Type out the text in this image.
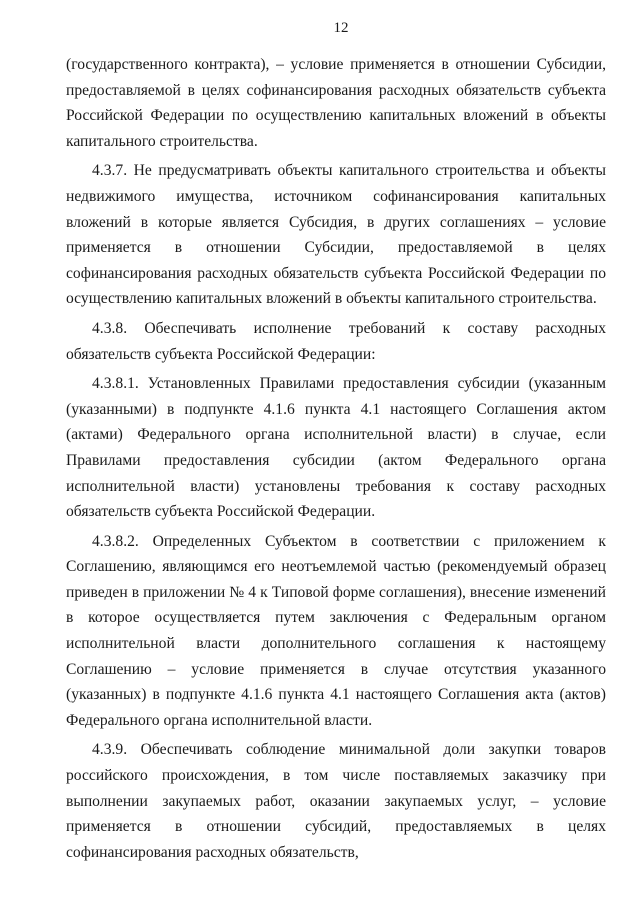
12

(государственного контракта), – условие применяется в отношении Субсидии, предоставляемой в целях софинансирования расходных обязательств субъекта Российской Федерации по осуществлению капитальных вложений в объекты капитального строительства.

4.3.7. Не предусматривать объекты капитального строительства и объекты недвижимого имущества, источником софинансирования капитальных вложений в которые является Субсидия, в других соглашениях – условие применяется в отношении Субсидии, предоставляемой в целях софинансирования расходных обязательств субъекта Российской Федерации по осуществлению капитальных вложений в объекты капитального строительства.

4.3.8. Обеспечивать исполнение требований к составу расходных обязательств субъекта Российской Федерации:

4.3.8.1. Установленных Правилами предоставления субсидии (указанным (указанными) в подпункте 4.1.6 пункта 4.1 настоящего Соглашения актом (актами) Федерального органа исполнительной власти) в случае, если Правилами предоставления субсидии (актом Федерального органа исполнительной власти) установлены требования к составу расходных обязательств субъекта Российской Федерации.

4.3.8.2. Определенных Субъектом в соответствии с приложением к Соглашению, являющимся его неотъемлемой частью (рекомендуемый образец приведен в приложении № 4 к Типовой форме соглашения), внесение изменений в которое осуществляется путем заключения с Федеральным органом исполнительной власти дополнительного соглашения к настоящему Соглашению – условие применяется в случае отсутствия указанного (указанных) в подпункте 4.1.6 пункта 4.1 настоящего Соглашения акта (актов) Федерального органа исполнительной власти.

4.3.9. Обеспечивать соблюдение минимальной доли закупки товаров российского происхождения, в том числе поставляемых заказчику при выполнении закупаемых работ, оказании закупаемых услуг, – условие применяется в отношении субсидий, предоставляемых в целях софинансирования расходных обязательств,
